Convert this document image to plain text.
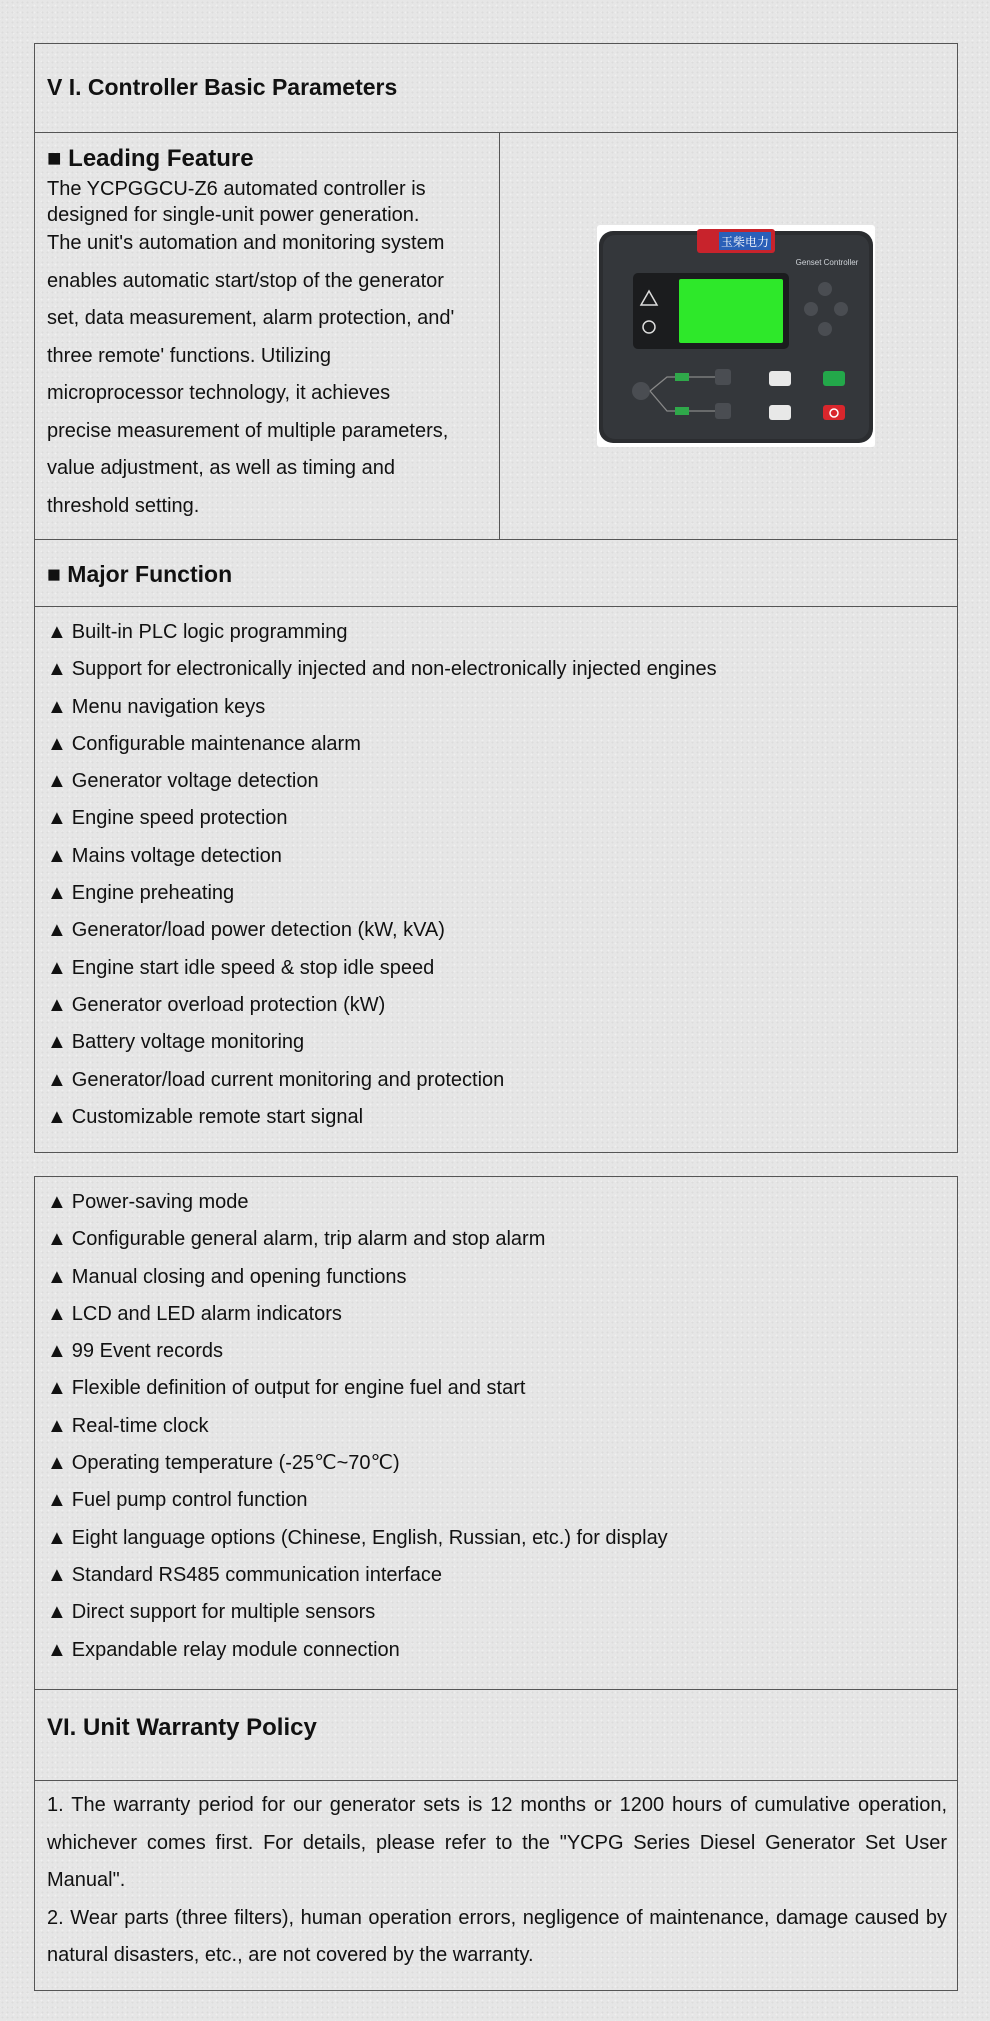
V I. Controller Basic Parameters
■ Leading Feature
The YCPGGCU-Z6 automated controller is
designed for single-unit power generation.
The unit's automation and monitoring system
enables automatic start/stop of the generator
set, data measurement, alarm protection, and'
three remote' functions. Utilizing
microprocessor technology, it achieves
precise measurement of multiple parameters,
value adjustment, as well as timing and
threshold setting.
玉柴电力
Genset Controller
■ Major Function
▲ Built-in PLC logic programming
▲ Support for electronically injected and non-electronically injected engines
▲ Menu navigation keys
▲ Configurable maintenance alarm
▲ Generator voltage detection
▲ Engine speed protection
▲ Mains voltage detection
▲ Engine preheating
▲ Generator/load power detection (kW, kVA)
▲ Engine start idle speed & stop idle speed
▲ Generator overload protection (kW)
▲ Battery voltage monitoring
▲ Generator/load current monitoring and protection
▲ Customizable remote start signal
▲ Power-saving mode
▲ Configurable general alarm, trip alarm and stop alarm
▲ Manual closing and opening functions
▲ LCD and LED alarm indicators
▲ 99 Event records
▲ Flexible definition of output for engine fuel and start
▲ Real-time clock
▲ Operating temperature (-25℃~70℃)
▲ Fuel pump control function
▲ Eight language options (Chinese, English, Russian, etc.) for display
▲ Standard RS485 communication interface
▲ Direct support for multiple sensors
▲ Expandable relay module connection
VI. Unit Warranty Policy

1. The warranty period for our generator sets is 12 months or 1200 hours of cumulative operation, whichever comes first. For details, please refer to the "YCPG Series Diesel Generator Set User Manual".

2. Wear parts (three filters), human operation errors, negligence of maintenance, damage caused by natural disasters, etc., are not covered by the warranty.
